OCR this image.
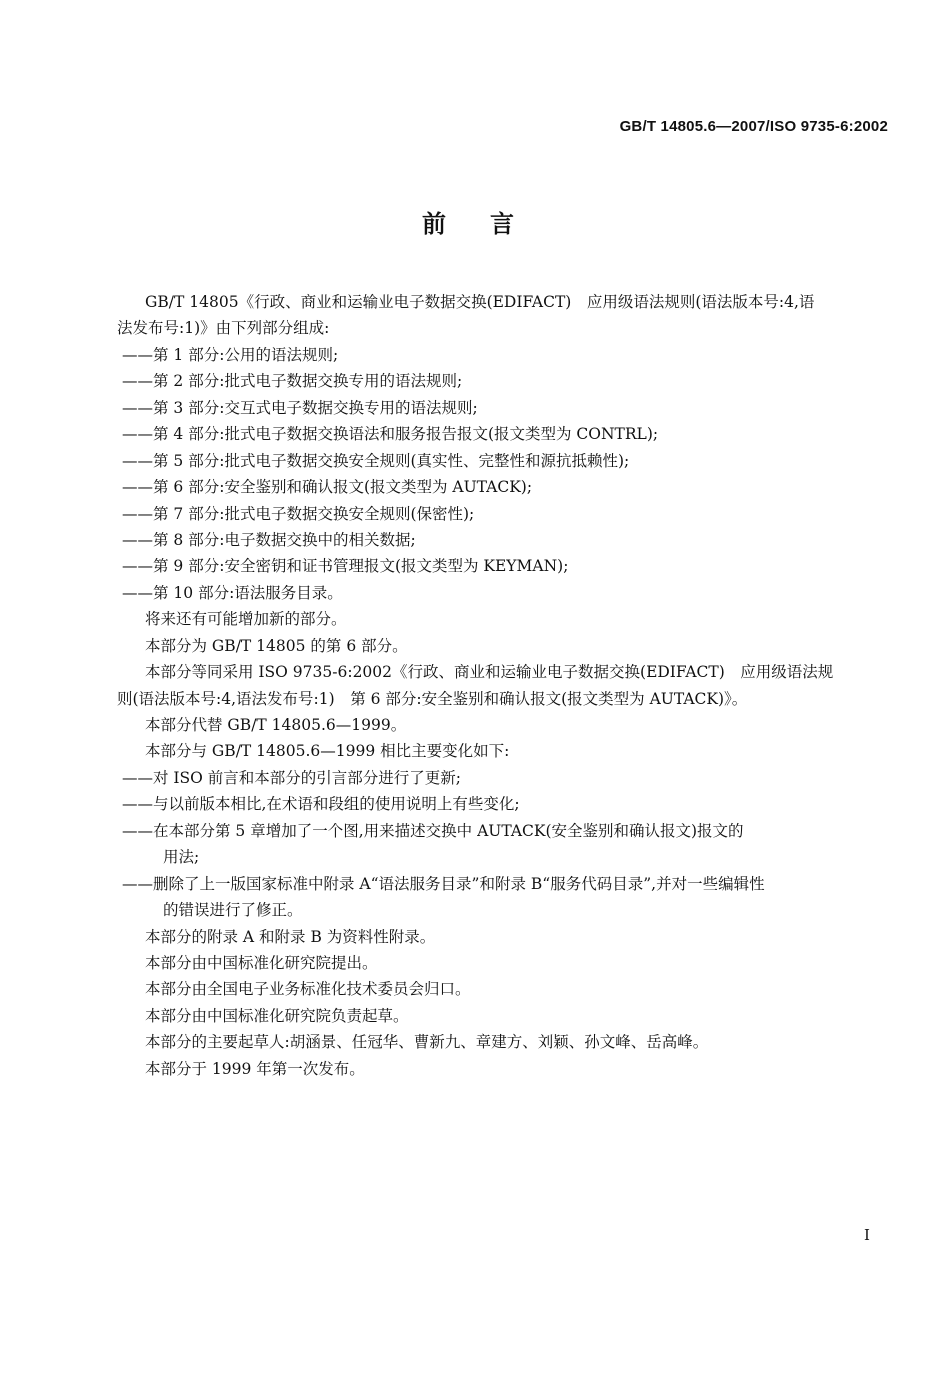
GB/T 14805.6—2007/ISO 9735-6:2002
前言
GB/T 14805《行政、商业和运输业电子数据交换(EDIFACT)　应用级语法规则(语法版本号:4,语
法发布号:1)》由下列部分组成:
——第 1 部分:公用的语法规则;
——第 2 部分:批式电子数据交换专用的语法规则;
——第 3 部分:交互式电子数据交换专用的语法规则;
——第 4 部分:批式电子数据交换语法和服务报告报文(报文类型为 CONTRL);
——第 5 部分:批式电子数据交换安全规则(真实性、完整性和源抗抵赖性);
——第 6 部分:安全鉴别和确认报文(报文类型为 AUTACK);
——第 7 部分:批式电子数据交换安全规则(保密性);
——第 8 部分:电子数据交换中的相关数据;
——第 9 部分:安全密钥和证书管理报文(报文类型为 KEYMAN);
——第 10 部分:语法服务目录。
将来还有可能增加新的部分。
本部分为 GB/T 14805 的第 6 部分。
本部分等同采用 ISO 9735-6:2002《行政、商业和运输业电子数据交换(EDIFACT)　应用级语法规
则(语法版本号:4,语法发布号:1)　第 6 部分:安全鉴别和确认报文(报文类型为 AUTACK)》。
本部分代替 GB/T 14805.6—1999。
本部分与 GB/T 14805.6—1999 相比主要变化如下:
——对 ISO 前言和本部分的引言部分进行了更新;
——与以前版本相比,在术语和段组的使用说明上有些变化;
——在本部分第 5 章增加了一个图,用来描述交换中 AUTACK(安全鉴别和确认报文)报文的
用法;
——删除了上一版国家标准中附录 A“语法服务目录”和附录 B“服务代码目录”,并对一些编辑性
的错误进行了修正。
本部分的附录 A 和附录 B 为资料性附录。
本部分由中国标准化研究院提出。
本部分由全国电子业务标准化技术委员会归口。
本部分由中国标准化研究院负责起草。
本部分的主要起草人:胡涵景、任冠华、曹新九、章建方、刘颖、孙文峰、岳高峰。
本部分于 1999 年第一次发布。
I
